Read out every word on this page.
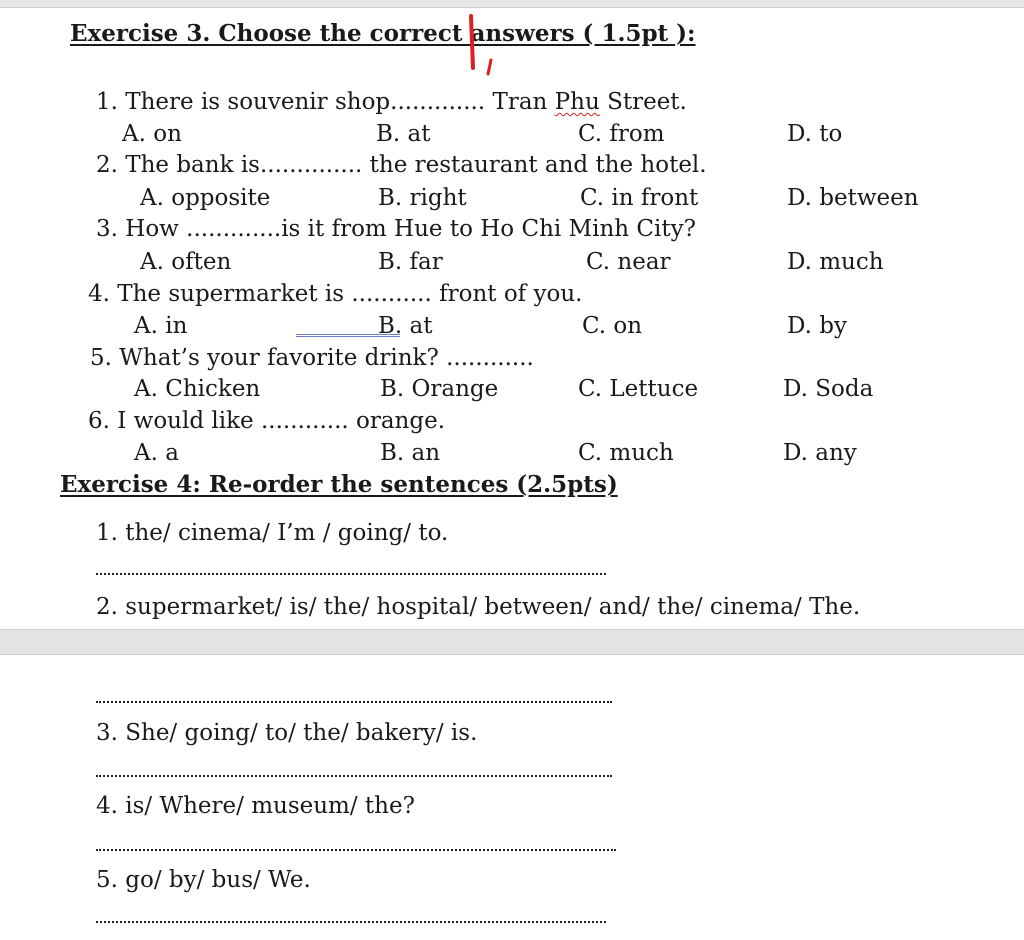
Exercise 3. Choose the correct answers ( 1.5pt ):
1. There is souvenir shop............. Tran Phu Street.
A. on	B. at	C. from	D. to
2. The bank is.............. the restaurant and the hotel.
A. opposite	B. right	C. in front	D. between
3. How .............is it from Hue to Ho Chi Minh City?
A. often	B. far	C. near	D. much
4. The supermarket is ........... front of you.
A. in	B. at	C. on	D. by
5. What’s your favorite drink? ............
A. Chicken	B. Orange	C. Lettuce	D. Soda
6. I would like ............ orange.
A. a	B. an	C. much	D. any
Exercise 4: Re-order the sentences (2.5pts)
1. the/ cinema/ I’m / going/ to.
2. supermarket/ is/ the/ hospital/ between/ and/ the/ cinema/ The.
3. She/ going/ to/ the/ bakery/ is.
4. is/ Where/ museum/ the?
5. go/ by/ bus/ We.
